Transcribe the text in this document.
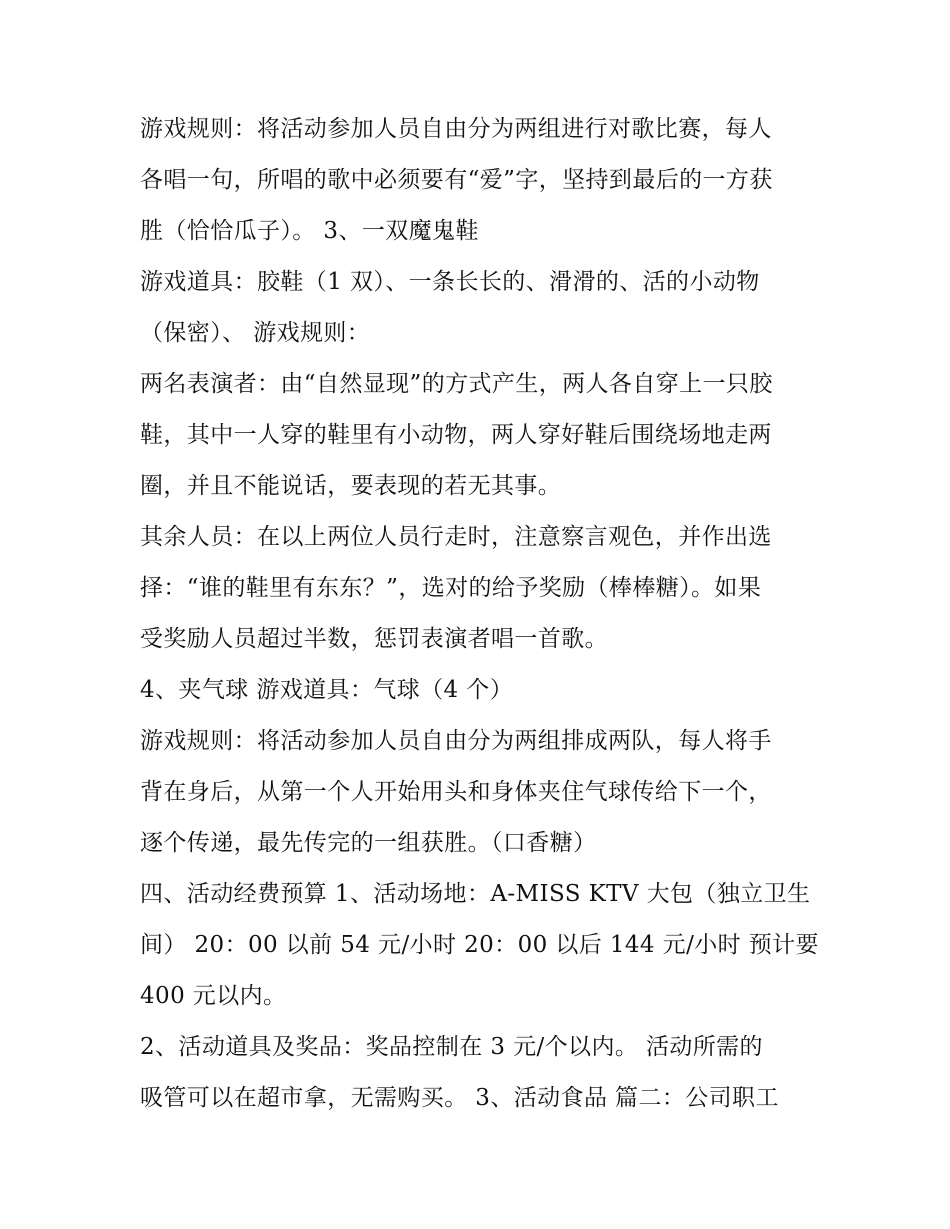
游戏规则：将活动参加人员自由分为两组进行对歌比赛，每人
各唱一句，所唱的歌中必须要有“爱”字，坚持到最后的一方获
胜（恰恰瓜子）。 3、一双魔鬼鞋
游戏道具：胶鞋（1 双）、一条长长的、滑滑的、活的小动物
（保密）、 游戏规则：
两名表演者：由“自然显现”的方式产生，两人各自穿上一只胶
鞋，其中一人穿的鞋里有小动物，两人穿好鞋后围绕场地走两
圈，并且不能说话，要表现的若无其事。
其余人员：在以上两位人员行走时，注意察言观色，并作出选
择：“谁的鞋里有东东？”，选对的给予奖励（棒棒糖）。如果
受奖励人员超过半数，惩罚表演者唱一首歌。
4、夹气球 游戏道具：气球（4 个）
游戏规则：将活动参加人员自由分为两组排成两队，每人将手
背在身后，从第一个人开始用头和身体夹住气球传给下一个，
逐个传递，最先传完的一组获胜。（口香糖）
四、活动经费预算 1、活动场地：A-MISS KTV 大包（独立卫生
间） 20：00 以前 54 元/小时 20：00 以后 144 元/小时 预计要
400 元以内。
2、活动道具及奖品：奖品控制在 3 元/个以内。 活动所需的
吸管可以在超市拿，无需购买。 3、活动食品 篇二：公司职工
